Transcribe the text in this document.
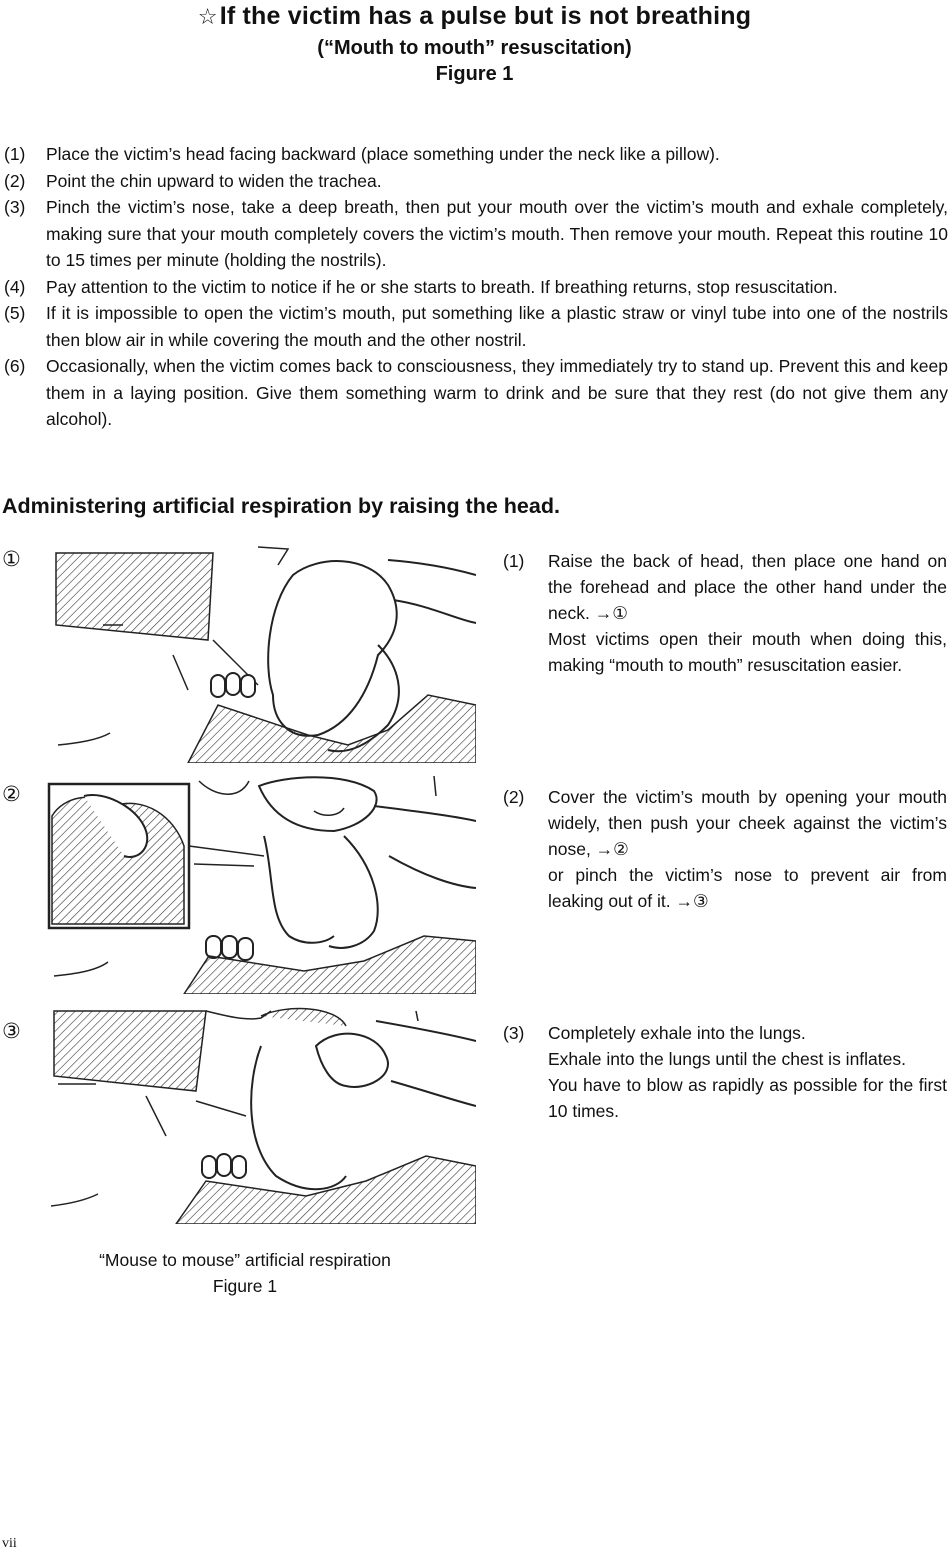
☆If the victim has a pulse but is not breathing
(“Mouth to mouth” resuscitation)
Figure 1
(1)	Place the victim’s head facing backward (place something under the neck like a pillow).
(2)	Point the chin upward to widen the trachea.
(3)	Pinch the victim’s nose, take a deep breath, then put your mouth over the victim’s mouth and exhale completely, making sure that your mouth completely covers the victim’s mouth. Then remove your mouth. Repeat this routine 10 to 15 times per minute (holding the nostrils).
(4)	Pay attention to the victim to notice if he or she starts to breath. If breathing returns, stop resuscitation.
(5)	If it is impossible to open the victim’s mouth, put something like a plastic straw or vinyl tube into one of the nostrils then blow air in while covering the mouth and the other nostril.
(6)	Occasionally, when the victim comes back to consciousness, they immediately try to stand up. Prevent this and keep them in a laying position. Give them something warm to drink and be sure that they rest (do not give them any alcohol).
Administering artificial respiration by raising the head.
①	(1)	Raise the back of head, then place one hand on the forehead and place the other hand under the neck. →①
Most victims open their mouth when doing this, making “mouth to mouth” resuscitation easier.
②	(2)	Cover the victim’s mouth by opening your mouth widely, then push your cheek against the victim’s nose, →②
or pinch the victim’s nose to prevent air from leaking out of it. →③
③	(3)	Completely exhale into the lungs.
Exhale into the lungs until the chest is inflates.
You have to blow as rapidly as possible for the first 10 times.
“Mouse to mouse” artificial respiration
Figure 1
vii
